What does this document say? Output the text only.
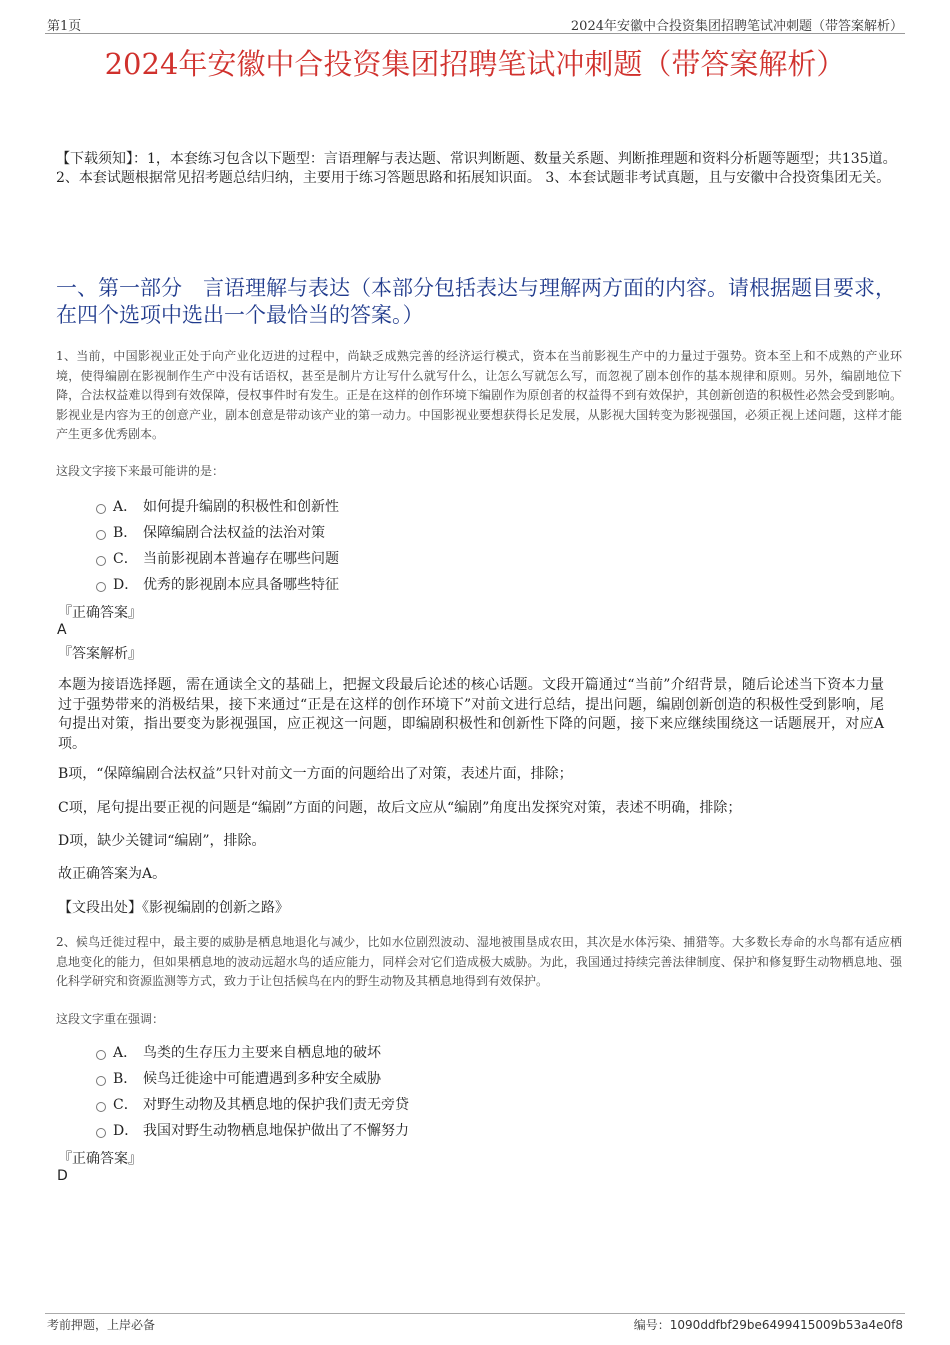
第1页	2024年安徽中合投资集团招聘笔试冲刺题（带答案解析）
2024年安徽中合投资集团招聘笔试冲刺题（带答案解析）
【下载须知】：1，本套练习包含以下题型：言语理解与表达题、常识判断题、数量关系题、判断推理题和资料分析题等题型；共135道。 2、本套试题根据常见招考题总结归纳，主要用于练习答题思路和拓展知识面。 3、本套试题非考试真题，且与安徽中合投资集团无关。
一、第一部分　言语理解与表达（本部分包括表达与理解两方面的内容。请根据题目要求，在四个选项中选出一个最恰当的答案。）
1、当前，中国影视业正处于向产业化迈进的过程中，尚缺乏成熟完善的经济运行模式，资本在当前影视生产中的力量过于强势。资本至上和不成熟的产业环境，使得编剧在影视制作生产中没有话语权，甚至是制片方让写什么就写什么，让怎么写就怎么写，而忽视了剧本创作的基本规律和原则。另外，编剧地位下降，合法权益难以得到有效保障，侵权事件时有发生。正是在这样的创作环境下编剧作为原创者的权益得不到有效保护，其创新创造的积极性必然会受到影响。影视业是内容为王的创意产业，剧本创意是带动该产业的第一动力。中国影视业要想获得长足发展，从影视大国转变为影视强国，必须正视上述问题，这样才能产生更多优秀剧本。
这段文字接下来最可能讲的是：
A． 如何提升编剧的积极性和创新性
B． 保障编剧合法权益的法治对策
C． 当前影视剧本普遍存在哪些问题
D． 优秀的影视剧本应具备哪些特征
『正确答案』
A
『答案解析』
本题为接语选择题，需在通读全文的基础上，把握文段最后论述的核心话题。文段开篇通过“当前”介绍背景，随后论述当下资本力量过于强势带来的消极结果，接下来通过“正是在这样的创作环境下”对前文进行总结，提出问题，编剧创新创造的积极性受到影响，尾句提出对策，指出要变为影视强国，应正视这一问题，即编剧积极性和创新性下降的问题，接下来应继续围绕这一话题展开，对应A项。
B项，“保障编剧合法权益”只针对前文一方面的问题给出了对策，表述片面，排除；
C项，尾句提出要正视的问题是“编剧”方面的问题，故后文应从“编剧”角度出发探究对策，表述不明确，排除；
D项，缺少关键词“编剧”，排除。
故正确答案为A。
【文段出处】《影视编剧的创新之路》
2、候鸟迁徙过程中，最主要的威胁是栖息地退化与减少，比如水位剧烈波动、湿地被围垦成农田，其次是水体污染、捕猎等。大多数长寿命的水鸟都有适应栖息地变化的能力，但如果栖息地的波动远超水鸟的适应能力，同样会对它们造成极大威胁。为此，我国通过持续完善法律制度、保护和修复野生动物栖息地、强化科学研究和资源监测等方式，致力于让包括候鸟在内的野生动物及其栖息地得到有效保护。
这段文字重在强调：
A． 鸟类的生存压力主要来自栖息地的破坏
B． 候鸟迁徙途中可能遭遇到多种安全威胁
C． 对野生动物及其栖息地的保护我们责无旁贷
D． 我国对野生动物栖息地保护做出了不懈努力
『正确答案』
D
考前押题，上岸必备	编号：1090ddfbf29be6499415009b53a4e0f8
